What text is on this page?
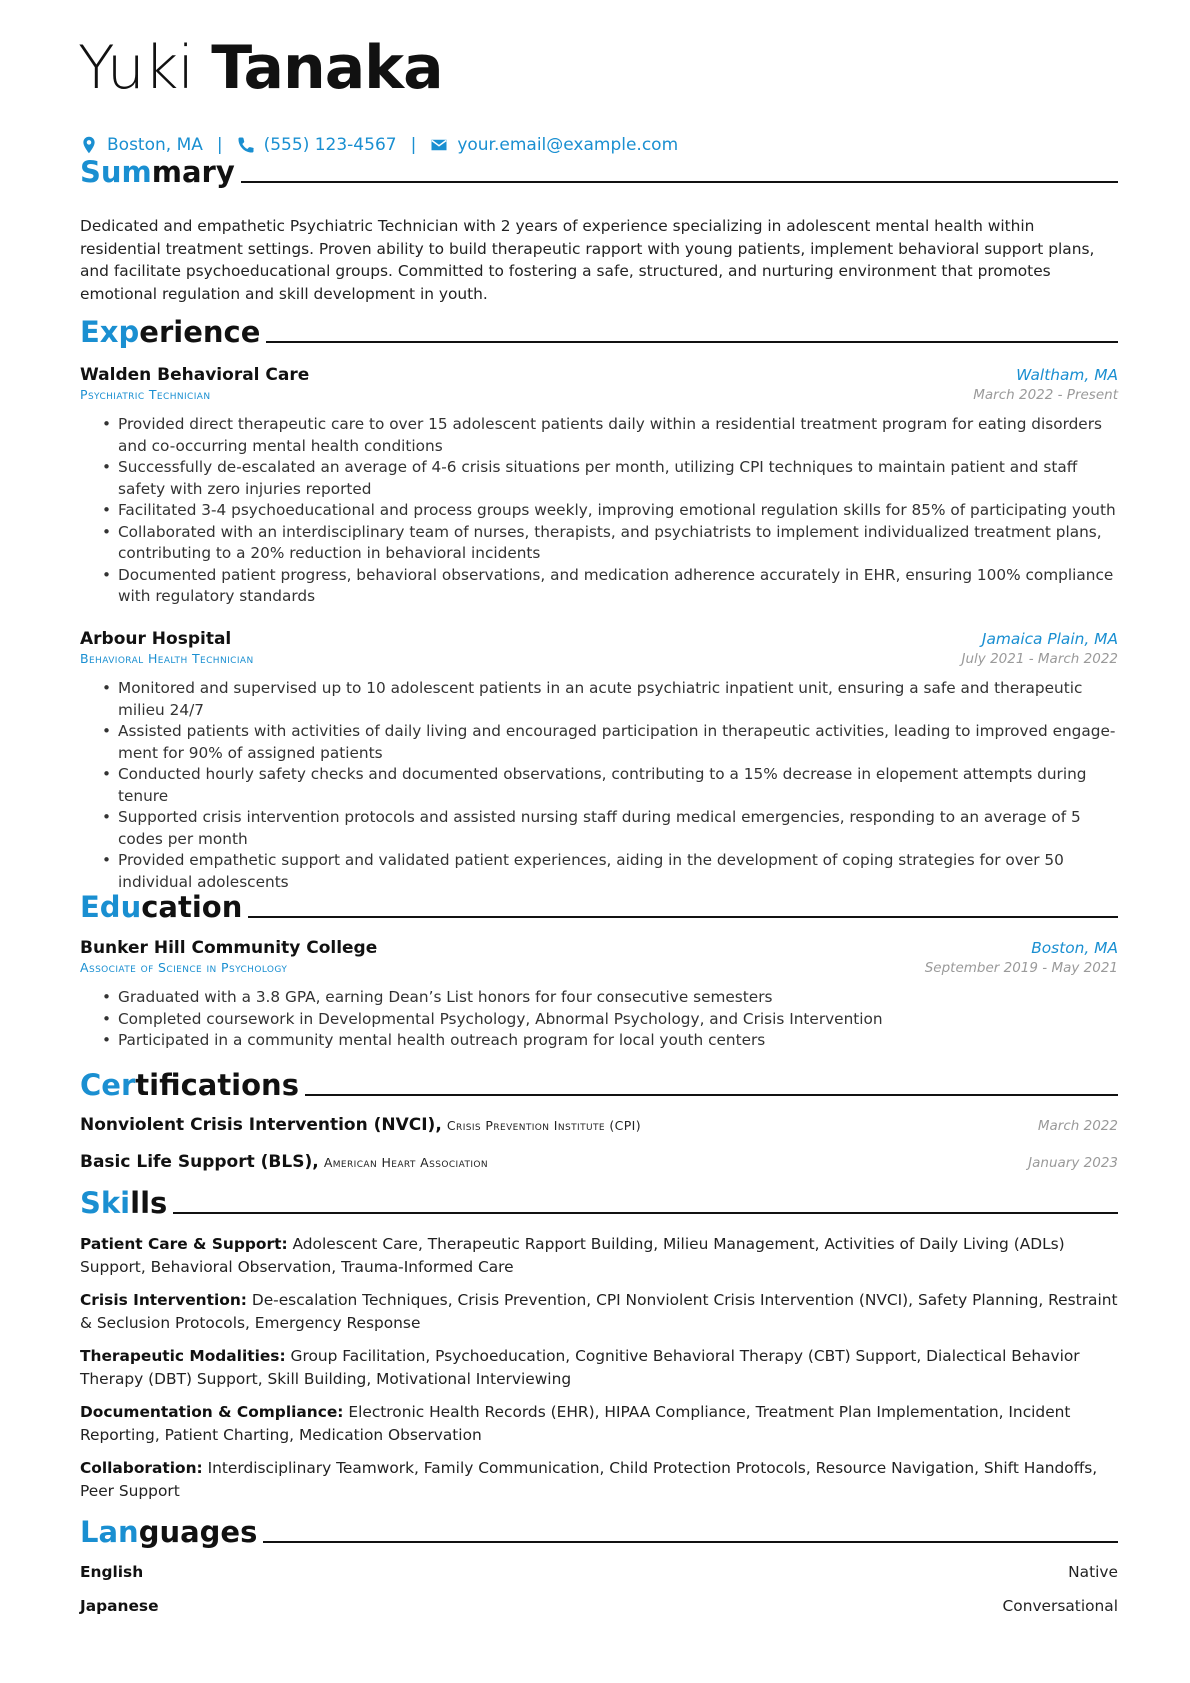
Yuki Tanaka
Boston, MA | (555) 123-4567 | your.email@example.com
Summary
Dedicated and empathetic Psychiatric Technician with 2 years of experience specializing in adolescent mental health within residential treatment settings. Proven ability to build therapeutic rapport with young patients, implement behavioral support plans, and facilitate psychoeducational groups. Committed to fostering a safe, structured, and nurturing environment that promotes emotional regulation and skill development in youth.
Experience
Walden Behavioral Care	Waltham, MA
Psychiatric Technician	March 2022 - Present
• Provided direct therapeutic care to over 15 adolescent patients daily within a residential treatment program for eating disorders and co-occurring mental health conditions
• Successfully de-escalated an average of 4-6 crisis situations per month, utilizing CPI techniques to maintain patient and staff safety with zero injuries reported
• Facilitated 3-4 psychoeducational and process groups weekly, improving emotional regulation skills for 85% of participating youth
• Collaborated with an interdisciplinary team of nurses, therapists, and psychiatrists to implement individualized treatment plans, contributing to a 20% reduction in behavioral incidents
• Documented patient progress, behavioral observations, and medication adherence accurately in EHR, ensuring 100% compliance with regulatory standards
Arbour Hospital	Jamaica Plain, MA
Behavioral Health Technician	July 2021 - March 2022
• Monitored and supervised up to 10 adolescent patients in an acute psychiatric inpatient unit, ensuring a safe and therapeutic milieu 24/7
• Assisted patients with activities of daily living and encouraged participation in therapeutic activities, leading to improved engage-ment for 90% of assigned patients
• Conducted hourly safety checks and documented observations, contributing to a 15% decrease in elopement attempts during tenure
• Supported crisis intervention protocols and assisted nursing staff during medical emergencies, responding to an average of 5 codes per month
• Provided empathetic support and validated patient experiences, aiding in the development of coping strategies for over 50 individual adolescents
Education
Bunker Hill Community College	Boston, MA
Associate of Science in Psychology	September 2019 - May 2021
• Graduated with a 3.8 GPA, earning Dean’s List honors for four consecutive semesters
• Completed coursework in Developmental Psychology, Abnormal Psychology, and Crisis Intervention
• Participated in a community mental health outreach program for local youth centers
Certifications
Nonviolent Crisis Intervention (NVCI), Crisis Prevention Institute (CPI)	March 2022
Basic Life Support (BLS), American Heart Association	January 2023
Skills
Patient Care & Support: Adolescent Care, Therapeutic Rapport Building, Milieu Management, Activities of Daily Living (ADLs) Support, Behavioral Observation, Trauma-Informed Care
Crisis Intervention: De-escalation Techniques, Crisis Prevention, CPI Nonviolent Crisis Intervention (NVCI), Safety Planning, Restraint & Seclusion Protocols, Emergency Response
Therapeutic Modalities: Group Facilitation, Psychoeducation, Cognitive Behavioral Therapy (CBT) Support, Dialectical Behavior Therapy (DBT) Support, Skill Building, Motivational Interviewing
Documentation & Compliance: Electronic Health Records (EHR), HIPAA Compliance, Treatment Plan Implementation, Incident Reporting, Patient Charting, Medication Observation
Collaboration: Interdisciplinary Teamwork, Family Communication, Child Protection Protocols, Resource Navigation, Shift Handoffs, Peer Support
Languages
English	Native
Japanese	Conversational
